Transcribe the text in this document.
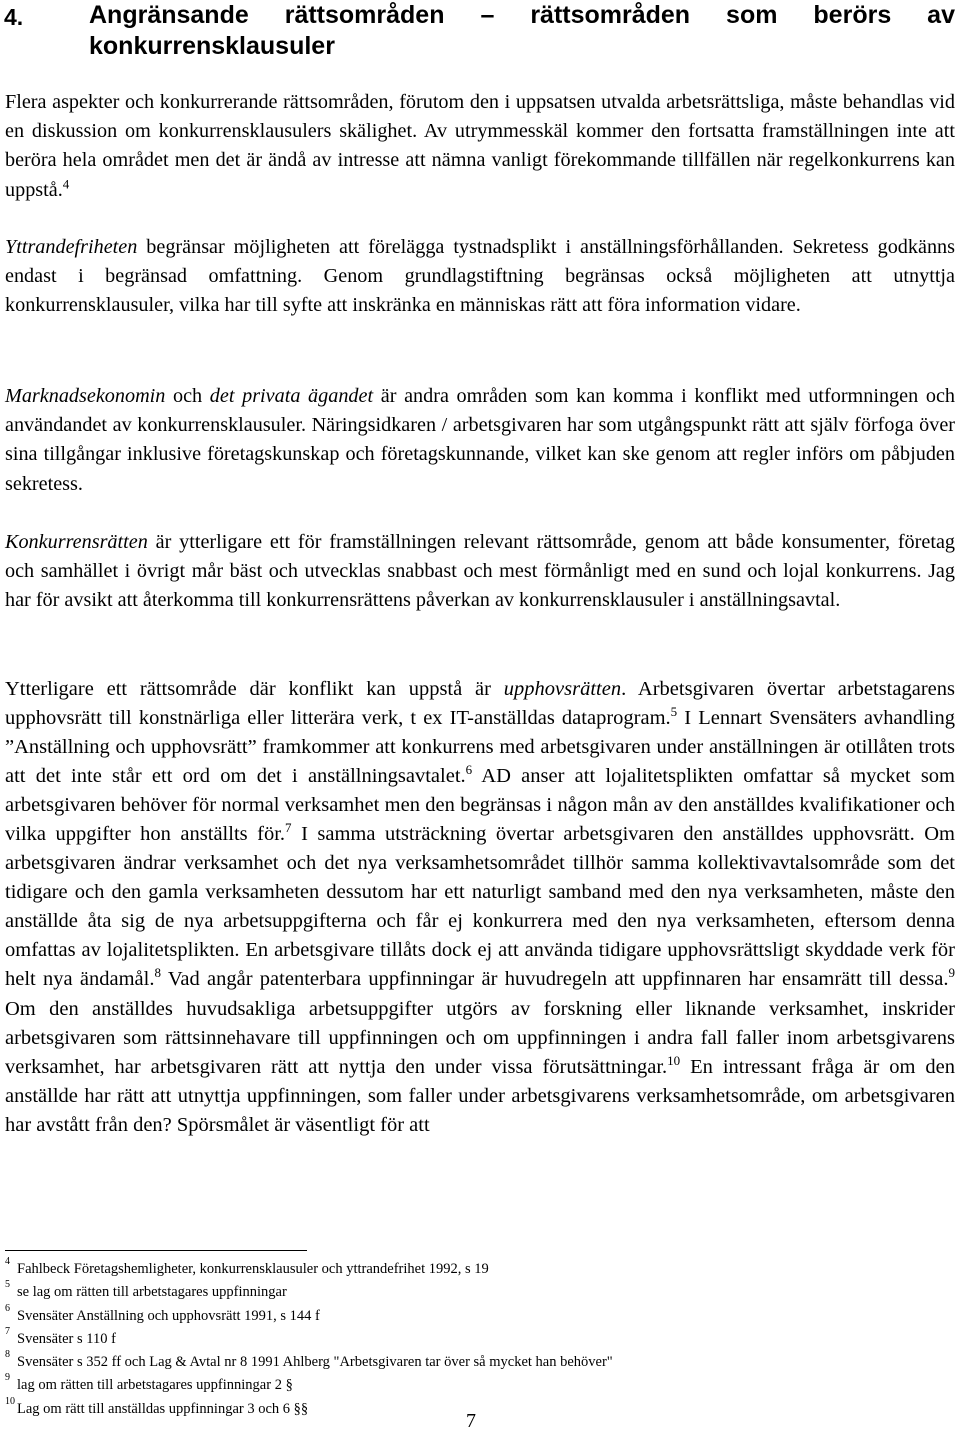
4.	Angränsande rättsområden – rättsområden som berörs av
konkurrensklausuler

Flera aspekter och konkurrerande rättsområden, förutom den i uppsatsen utvalda arbetsrättsliga, måste behandlas vid en diskussion om konkurrensklausulers skälighet. Av utrymmesskäl kommer den fortsatta framställningen inte att beröra hela området men det är ändå av intresse att nämna vanligt förekommande tillfällen när regelkonkurrens kan uppstå.$^4$

Yttrandefriheten begränsar möjligheten att förelägga tystnadsplikt i anställningsförhållanden. Sekretess godkänns endast i begränsad omfattning. Genom grundlagstiftning begränsas också möjligheten att utnyttja konkurrensklausuler, vilka har till syfte att inskränka en människas rätt att föra information vidare.

Marknadsekonomin och det privata ägandet är andra områden som kan komma i konflikt med utformningen och användandet av konkurrensklausuler. Näringsidkaren / arbetsgivaren har som utgångspunkt rätt att själv förfoga över sina tillgångar inklusive företagskunskap och företagskunnande, vilket kan ske genom att regler införs om påbjuden sekretess.

Konkurrensrätten är ytterligare ett för framställningen relevant rättsområde, genom att både konsumenter, företag och samhället i övrigt mår bäst och utvecklas snabbast och mest förmånligt med en sund och lojal konkurrens. Jag har för avsikt att återkomma till konkurrensrättens påverkan av konkurrensklausuler i anställningsavtal.

Ytterligare ett rättsområde där konflikt kan uppstå är upphovsrätten. Arbetsgivaren övertar arbetstagarens upphovsrätt till konstnärliga eller litterära verk, t ex IT-anställdas dataprogram.$^5$ I Lennart Svensäters avhandling ”Anställning och upphovsrätt” framkommer att konkurrens med arbetsgivaren under anställningen är otillåten trots att det inte står ett ord om det i anställningsavtalet.$^6$ AD anser att lojalitetsplikten omfattar så mycket som arbetsgivaren behöver för normal verksamhet men den begränsas i någon mån av den anställdes kvalifikationer och vilka uppgifter hon anställts för.$^7$ I samma utsträckning övertar arbetsgivaren den anställdes upphovsrätt. Om arbetsgivaren ändrar verksamhet och det nya verksamhetsområdet tillhör samma kollektivavtalsområde som det tidigare och den gamla verksamheten dessutom har ett naturligt samband med den nya verksamheten, måste den anställde åta sig de nya arbetsuppgifterna och får ej konkurrera med den nya verksamheten, eftersom denna omfattas av lojalitetsplikten. En arbetsgivare tillåts dock ej att använda tidigare upphovsrättsligt skyddade verk för helt nya ändamål.$^8$ Vad angår patenterbara uppfinningar är huvudregeln att uppfinnaren har ensamrätt till dessa.$^9$ Om den anställdes huvudsakliga arbetsuppgifter utgörs av forskning eller liknande verksamhet, inskrider arbetsgivaren som rättsinnehavare till uppfinningen och om uppfinningen i andra fall faller inom arbetsgivarens verksamhet, har arbetsgivaren rätt att nyttja den under vissa förutsättningar.$^{10}$ En intressant fråga är om den anställde har rätt att utnyttja uppfinningen, som faller under arbetsgivarens verksamhetsområde, om arbetsgivaren har avstått från den? Spörsmålet är väsentligt för att

4 Fahlbeck Företagshemligheter, konkurrensklausuler och yttrandefrihet 1992, s 19
5 se lag om rätten till arbetstagares uppfinningar
6 Svensäter Anställning och upphovsrätt 1991, s 144 f
7 Svensäter s 110 f
8 Svensäter s 352 ff och Lag & Avtal nr 8 1991 Ahlberg "Arbetsgivaren tar över så mycket han behöver"
9 lag om rätten till arbetstagares uppfinningar 2 §
10 Lag om rätt till anställdas uppfinningar 3 och 6 §§
7
